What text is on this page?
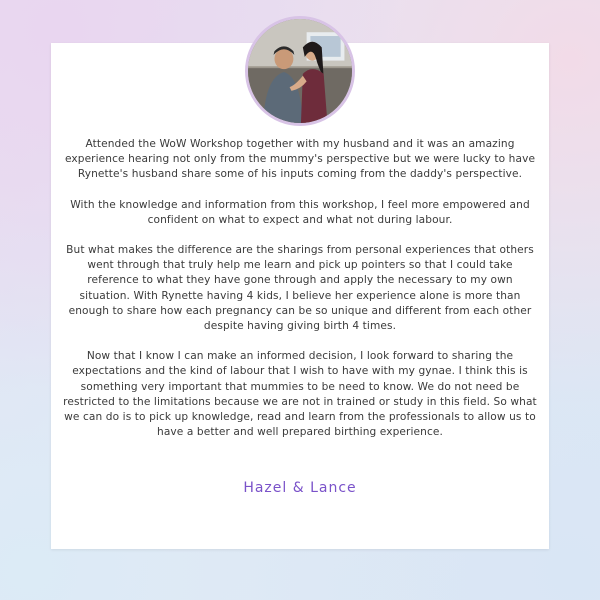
Attended the WoW Workshop together with my husband and it was an amazing experience hearing not only from the mummy's perspective but we were lucky to have Rynette's husband share some of his inputs coming from the daddy's perspective.

With the knowledge and information from this workshop, I feel more empowered and confident on what to expect and what not during labour.

But what makes the difference are the sharings from personal experiences that others went through that truly help me learn and pick up pointers so that I could take reference to what they have gone through and apply the necessary to my own situation. With Rynette having 4 kids, I believe her experience alone is more than enough to share how each pregnancy can be so unique and different from each other despite having giving birth 4 times.

Now that I know I can make an informed decision, I look forward to sharing the expectations and the kind of labour that I wish to have with my gynae. I think this is something very important that mummies to be need to know. We do not need be restricted to the limitations because we are not in trained or study in this field. So what we can do is to pick up knowledge, read and learn from the professionals to allow us to have a better and well prepared birthing experience.

Hazel & Lance
